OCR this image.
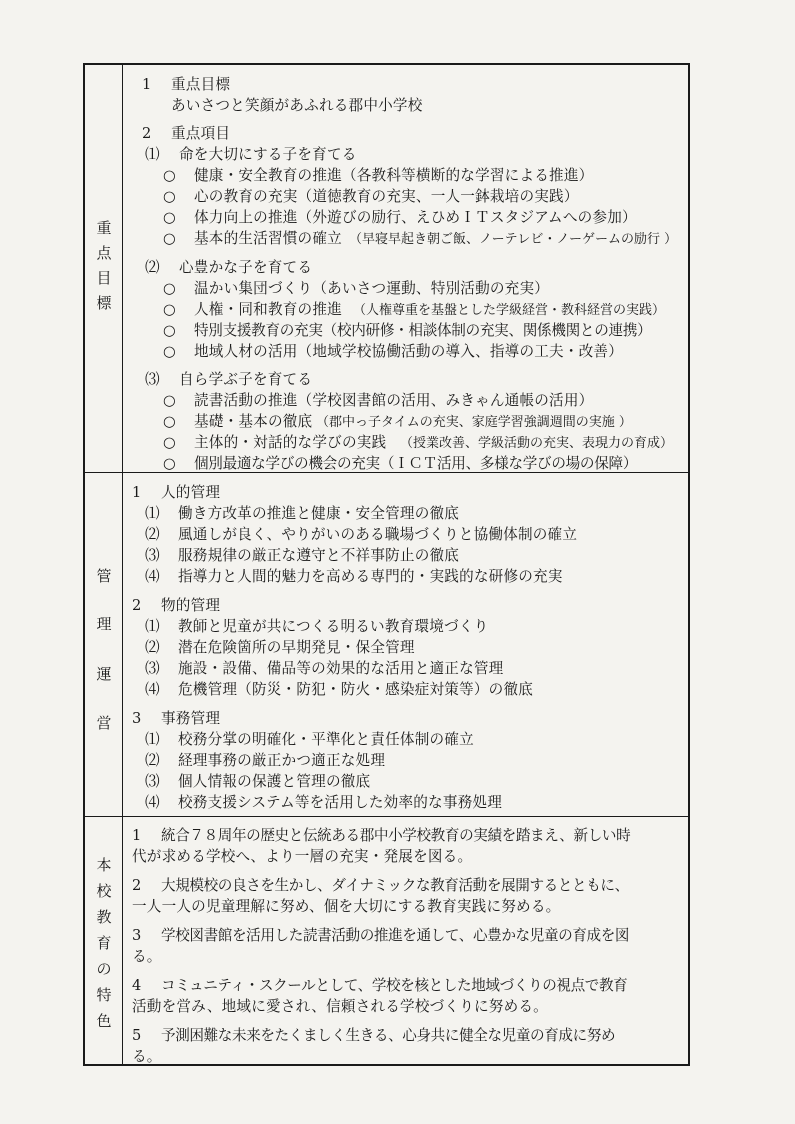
重
点
目
標
1 重点目標
あいさつと笑顔があふれる郡中小学校
2 重点項目
⑴ 命を大切にする子を育てる
○ 健康・安全教育の推進（各教科等横断的な学習による推進）
○ 心の教育の充実（道徳教育の充実、一人一鉢栽培の実践）
○ 体力向上の推進（外遊びの励行、えひめＩＴスタジアムへの参加）
○ 基本的生活習慣の確立 （早寝早起き朝ご飯、ノーテレビ・ノーゲームの励行 ）
⑵ 心豊かな子を育てる
○ 温かい集団づくり（あいさつ運動、特別活動の充実）
○ 人権・同和教育の推進 （人権尊重を基盤とした学級経営・教科経営の実践）
○ 特別支援教育の充実（校内研修・相談体制の充実、関係機関との連携）
○ 地域人材の活用（地域学校協働活動の導入、指導の工夫・改善）
⑶ 自ら学ぶ子を育てる
○ 読書活動の推進（学校図書館の活用、みきゃん通帳の活用）
○ 基礎・基本の徹底 （郡中っ子タイムの充実、家庭学習強調週間の実施 ）
○ 主体的・対話的な学びの実践 （授業改善、学級活動の充実、表現力の育成）
○ 個別最適な学びの機会の充実（ＩＣＴ活用、多様な学びの場の保障）
管
理
運
営
1 人的管理
⑴ 働き方改革の推進と健康・安全管理の徹底
⑵ 風通しが良く、やりがいのある職場づくりと協働体制の確立
⑶ 服務規律の厳正な遵守と不祥事防止の徹底
⑷ 指導力と人間的魅力を高める専門的・実践的な研修の充実
2 物的管理
⑴ 教師と児童が共につくる明るい教育環境づくり
⑵ 潜在危険箇所の早期発見・保全管理
⑶ 施設・設備、備品等の効果的な活用と適正な管理
⑷ 危機管理（防災・防犯・防火・感染症対策等）の徹底
3 事務管理
⑴ 校務分掌の明確化・平準化と責任体制の確立
⑵ 経理事務の厳正かつ適正な処理
⑶ 個人情報の保護と管理の徹底
⑷ 校務支援システム等を活用した効率的な事務処理
本
校
教
育
の
特
色
1 統合７８周年の歴史と伝統ある郡中小学校教育の実績を踏まえ、新しい時
代が求める学校へ、より一層の充実・発展を図る。
2 大規模校の良さを生かし、ダイナミックな教育活動を展開するとともに、
一人一人の児童理解に努め、個を大切にする教育実践に努める。
3 学校図書館を活用した読書活動の推進を通して、心豊かな児童の育成を図
る。
4 コミュニティ・スクールとして、学校を核とした地域づくりの視点で教育
活動を営み、地域に愛され、信頼される学校づくりに努める。
5 予測困難な未来をたくましく生きる、心身共に健全な児童の育成に努め
る。
